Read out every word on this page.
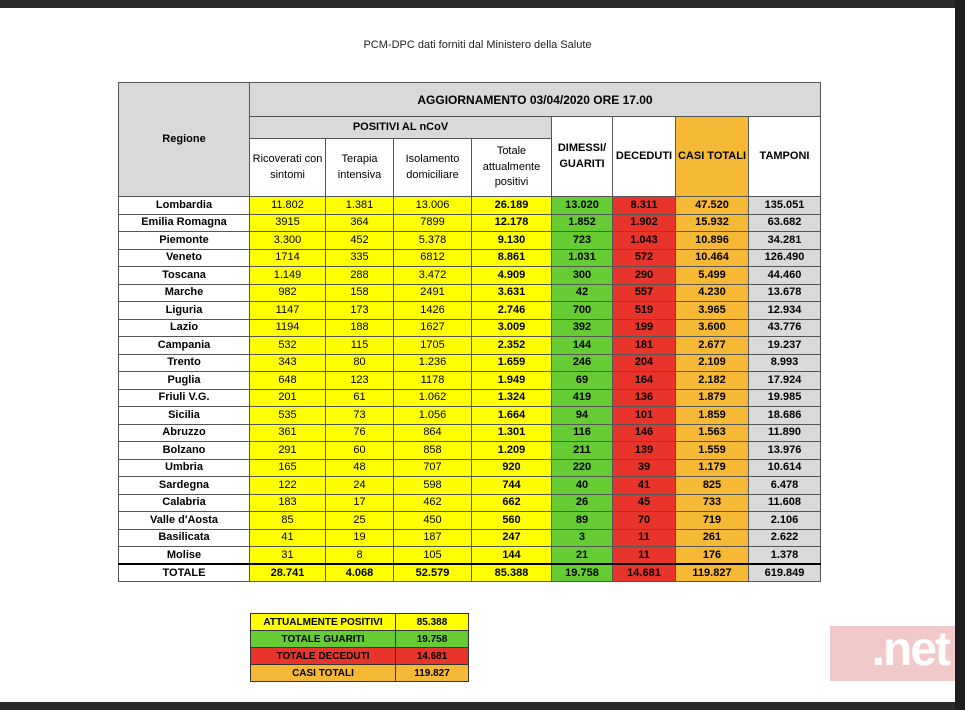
PCM-DPC dati forniti dal Ministero della Salute
Regione	AGGIORNAMENTO 03/04/2020 ORE 17.00							
	POSITIVI AL nCoV				DIMESSI/ GUARITI	DECEDUTI	CASI TOTALI	TAMPONI
	Ricoverati con sintomi	Terapia intensiva	Isolamento domiciliare	Totale attualmente positivi				
Lombardia	11.802	1.381	13.006	26.189	13.020	8.311	47.520	135.051
Emilia Romagna	3915	364	7899	12.178	1.852	1.902	15.932	63.682
Piemonte	3.300	452	5.378	9.130	723	1.043	10.896	34.281
Veneto	1714	335	6812	8.861	1.031	572	10.464	126.490
Toscana	1.149	288	3.472	4.909	300	290	5.499	44.460
Marche	982	158	2491	3.631	42	557	4.230	13.678
Liguria	1147	173	1426	2.746	700	519	3.965	12.934
Lazio	1194	188	1627	3.009	392	199	3.600	43.776
Campania	532	115	1705	2.352	144	181	2.677	19.237
Trento	343	80	1.236	1.659	246	204	2.109	8.993
Puglia	648	123	1178	1.949	69	164	2.182	17.924
Friuli V.G.	201	61	1.062	1.324	419	136	1.879	19.985
Sicilia	535	73	1.056	1.664	94	101	1.859	18.686
Abruzzo	361	76	864	1.301	116	146	1.563	11.890
Bolzano	291	60	858	1.209	211	139	1.559	13.976
Umbria	165	48	707	920	220	39	1.179	10.614
Sardegna	122	24	598	744	40	41	825	6.478
Calabria	183	17	462	662	26	45	733	11.608
Valle d'Aosta	85	25	450	560	89	70	719	2.106
Basilicata	41	19	187	247	3	11	261	2.622
Molise	31	8	105	144	21	11	176	1.378
TOTALE	28.741	4.068	52.579	85.388	19.758	14.681	119.827	619.849
ATTUALMENTE POSITIVI	85.388
TOTALE GUARITI	19.758
TOTALE DECEDUTI	14.681
CASI TOTALI	119.827	.net
